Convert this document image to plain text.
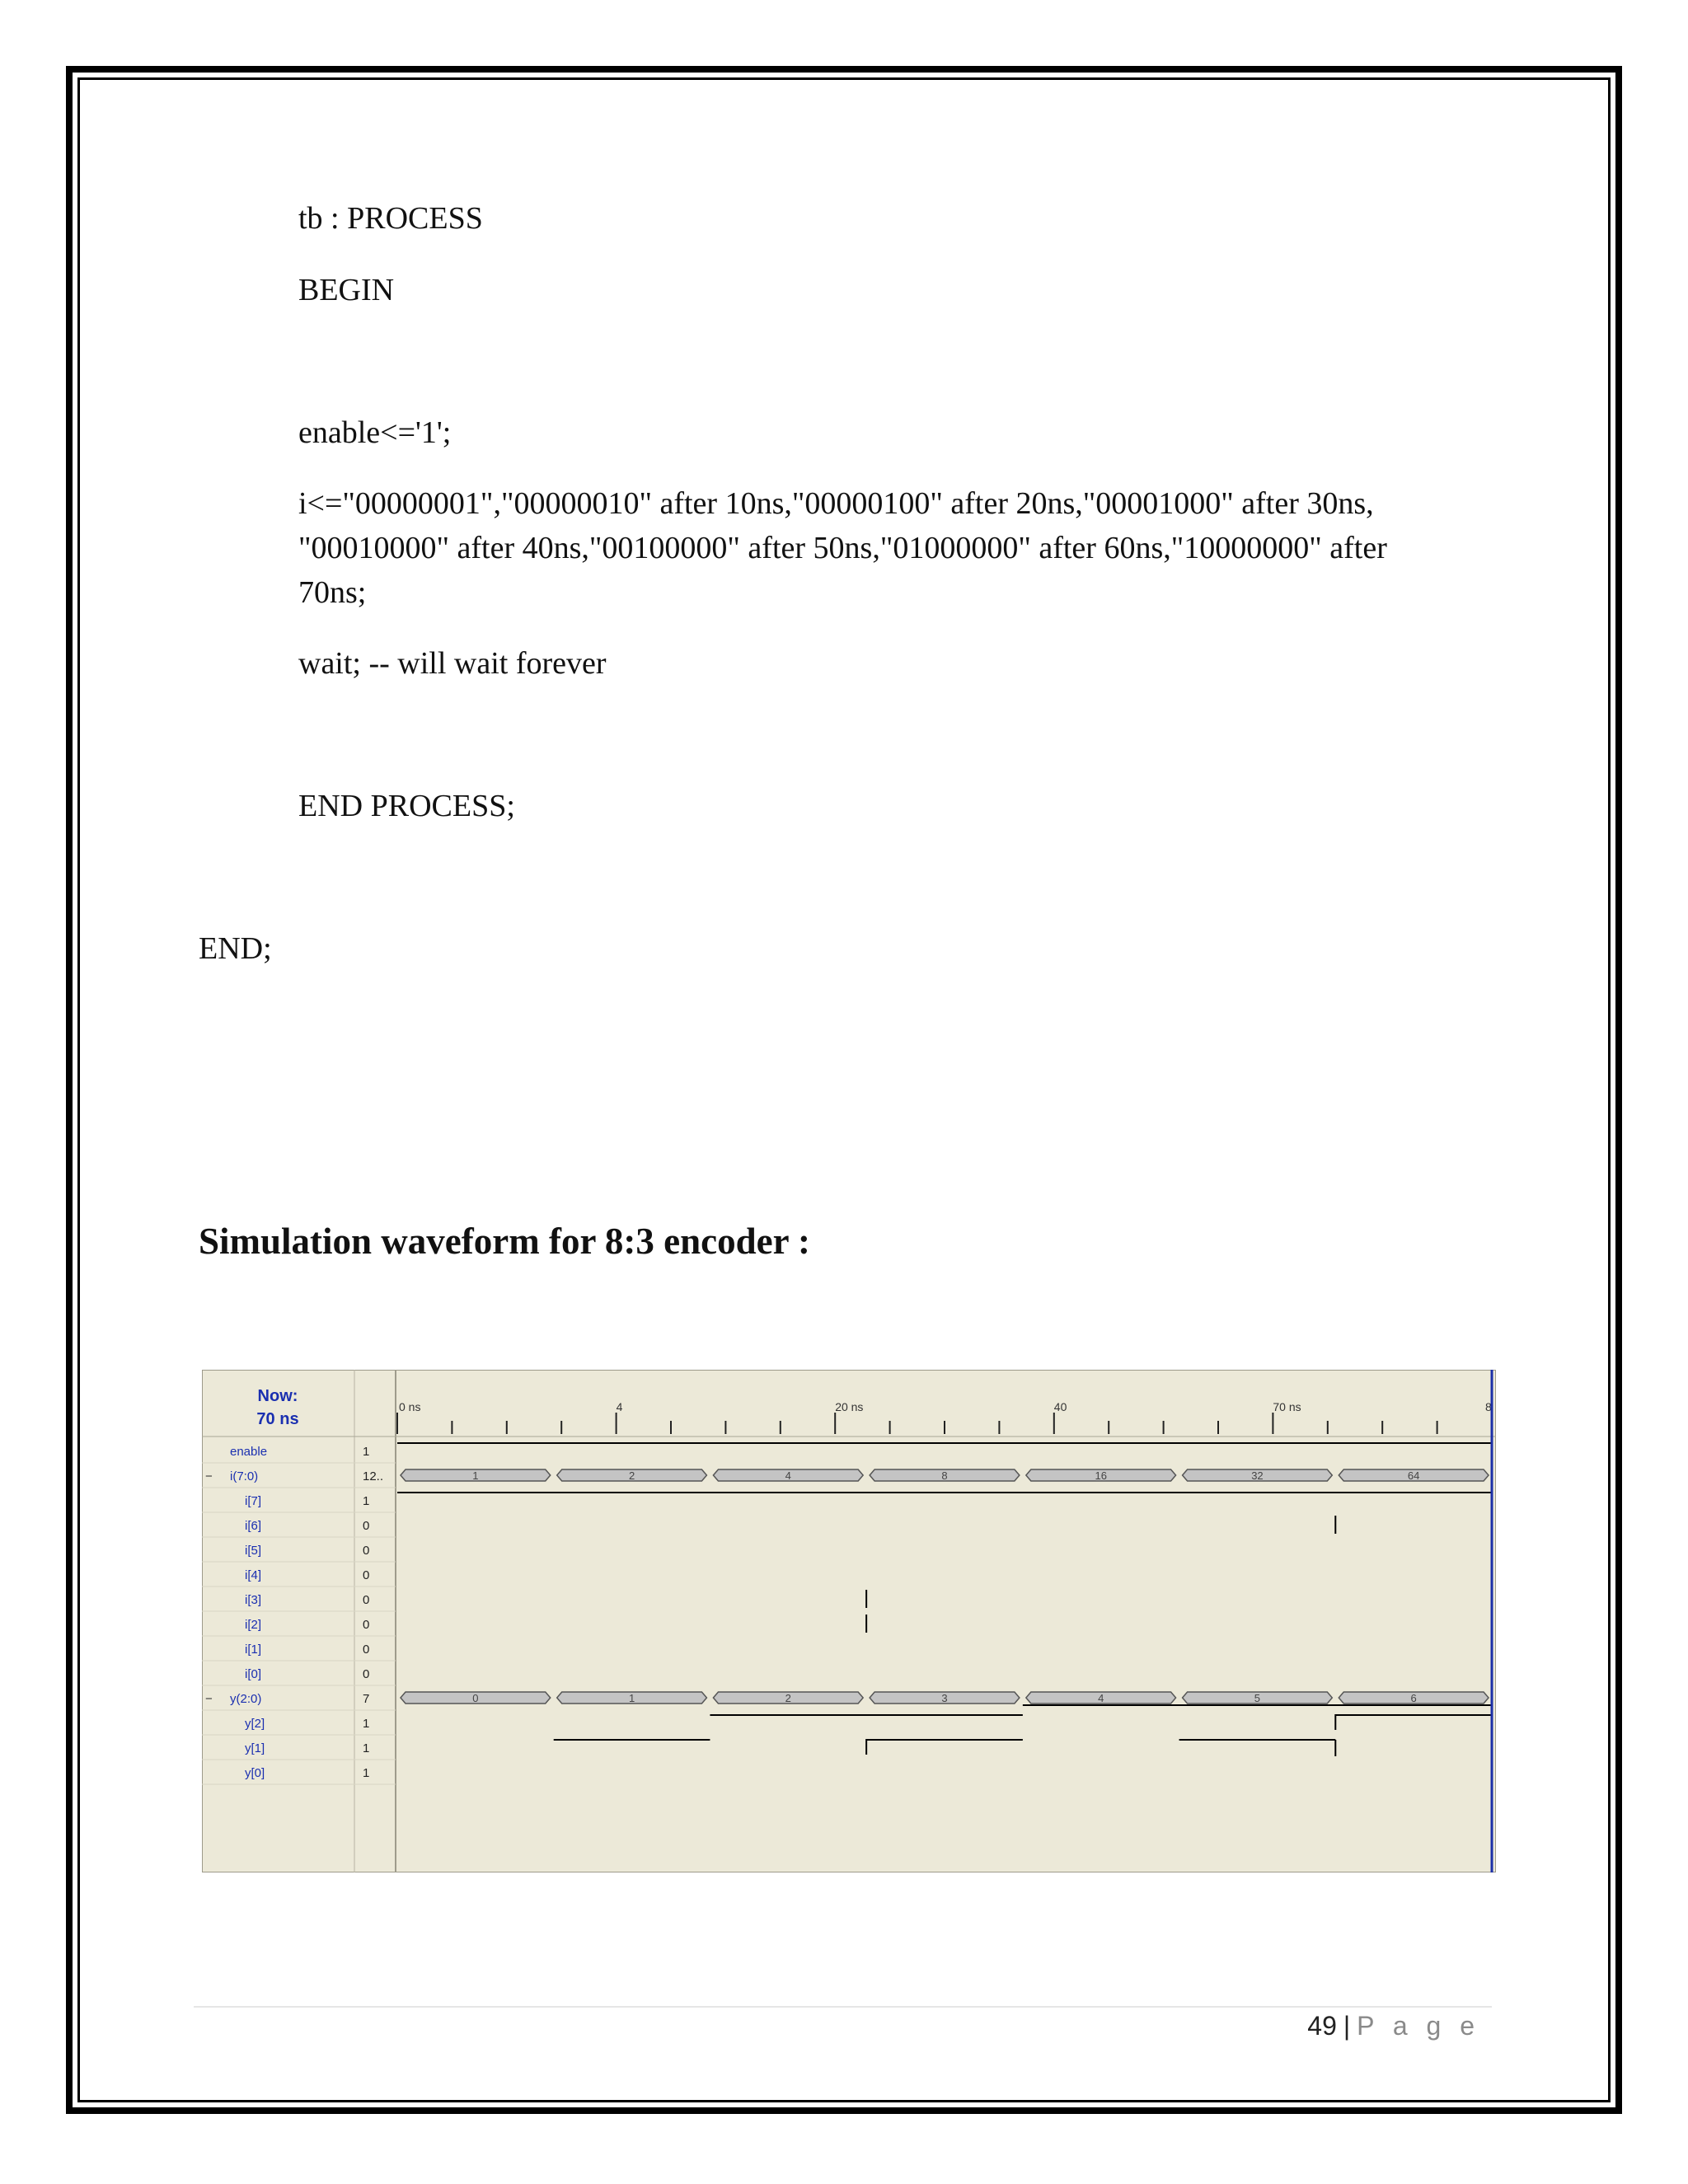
tb : PROCESS

BEGIN

enable<='1';

i<="00000001","00000010" after 10ns,"00000100" after 20ns,"00001000" after 30ns,
"00010000" after 40ns,"00100000" after 50ns,"01000000" after 60ns,"10000000" after
70ns;

wait; -- will wait forever

END PROCESS;

END;

Simulation waveform for 8:3 encoder :

Now:
70 ns
0 ns	4	20 ns	40	70 ns	8
enable	1
i(7:0)	12..
−
i[7]	1
i[6]	0
i[5]	0
i[4]	0
i[3]	0
i[2]	0
i[1]	0
i[0]	0
y(2:0)	7
−
y[2]	1
y[1]	1
y[0]	1
1	2	4	8	16	32	64
0	1	2	3	4	5	6
49 | P a g e
